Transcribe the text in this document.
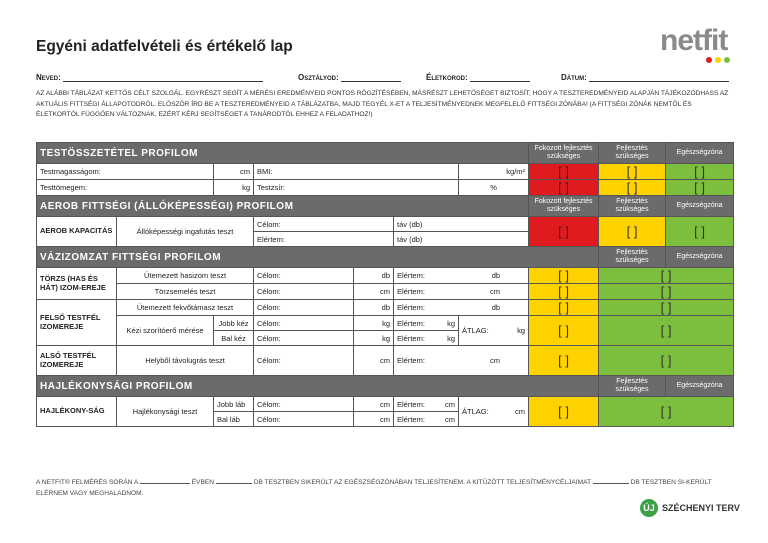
Egyéni adatfelvételi és értékelő lap	netfit
Neved:	Osztályod:	Életkorod:	Dátum:
AZ ALÁBBI TÁBLÁZAT KETTŐS CÉLT SZOLGÁL. EGYRÉSZT SEGÍT A MÉRÉSI EREDMÉNYEID PONTOS RÖGZÍTÉSÉBEN, MÁSRÉSZT LEHETŐSÉGET BIZTOSÍT, HOGY A TESZTEREDMÉNYEID ALAPJÁN TÁJÉKOZÓDHASS AZ AKTUÁLIS FITTSÉGI ÁLLAPOTODRÓL. ELŐSZÖR ÍRD BE A TESZTEREDMÉNYEID A TÁBLÁZATBA, MAJD TEGYÉL X-ET A TELJESÍTMÉNYEDNEK MEGFELELŐ FITTSÉGI ZÓNÁBA! (A FITTSÉGI ZÓNÁK NEMTŐL ÉS ÉLETKORTÓL FÜGGŐEN VÁLTOZNAK, EZÉRT KÉRJ SEGÍTSÉGET A TANÁRODTÓL EHHEZ A FELADATHOZ!)
TESTÖSSZETÉTEL PROFILOM							Fokozott fejlesztés szükséges	Fejlesztés szükséges	Egészségzóna
Testmagasságom:		cm	BMI:			kg/m²	[ ]	[ ]	[ ]
Testtömegem:		kg	Testzsír:			%	[ ]	[ ]	[ ]
AEROB FITTSÉGI (ÁLLÓKÉPESSÉGI) PROFILOM							Fokozott fejlesztés szükséges	Fejlesztés szükséges	Egészségzóna
AEROB KAPACITÁS	Állóképességi ingafutás teszt		Célom:		táv (db)		[ ]	[ ]	[ ]
			Elértem:		táv (db)				
VÁZIZOMZAT FITTSÉGI PROFILOM								Fejlesztés szükséges	Egészségzóna
TÖRZS (HAS ÉS HÁT) IZOM-EREJE	Ütemezett hasizom teszt		Célom:	db	Elértem: db		[ ]	[ ]	
	Törzsemelés teszt		Célom:	cm	Elértem: cm		[ ]	[ ]	
FELSŐ TESTFÉL IZOMEREJE	Ütemezett fekvőtámasz teszt		Célom:	db	Elértem: db		[ ]	[ ]	
	Kézi szorítóerő mérése	Jobb kéz	Célom:	kg	Elértem: kg	ÁTLAG: kg	[ ]	[ ]	
		Bal kéz	Célom:	kg	Elértem: kg				

ALSÓ TESTFÉL IZOMEREJE	Helyből távolugrás teszt		Célom:	cm	Elértem: cm		[ ]	[ ]	
HAJLÉKONYSÁGI PROFILOM								Fejlesztés szükséges	Egészségzóna
HAJLÉKONY-SÁG	Hajlékonysági teszt	Jobb láb	Célom:	cm	Elértem: cm	ÁTLAG: cm	[ ]	[ ]	
		Bal láb	Célom:	cm	Elértem: cm				
A NETFIT® FELMÉRÉS SORÁN A	ÉVBEN	DB TESZTBEN SIKERÜLT AZ EGÉSZSÉGZÓNÁBAN TELJESÍTENEM. A KITŰZÖTT TELJESÍTMÉNYCÉLJAIMAT	DB TESZTBEN SI-KERÜLT ELÉRNEM VAGY MEGHALADNOM.
ÚJ SZÉCHENYI TERV
